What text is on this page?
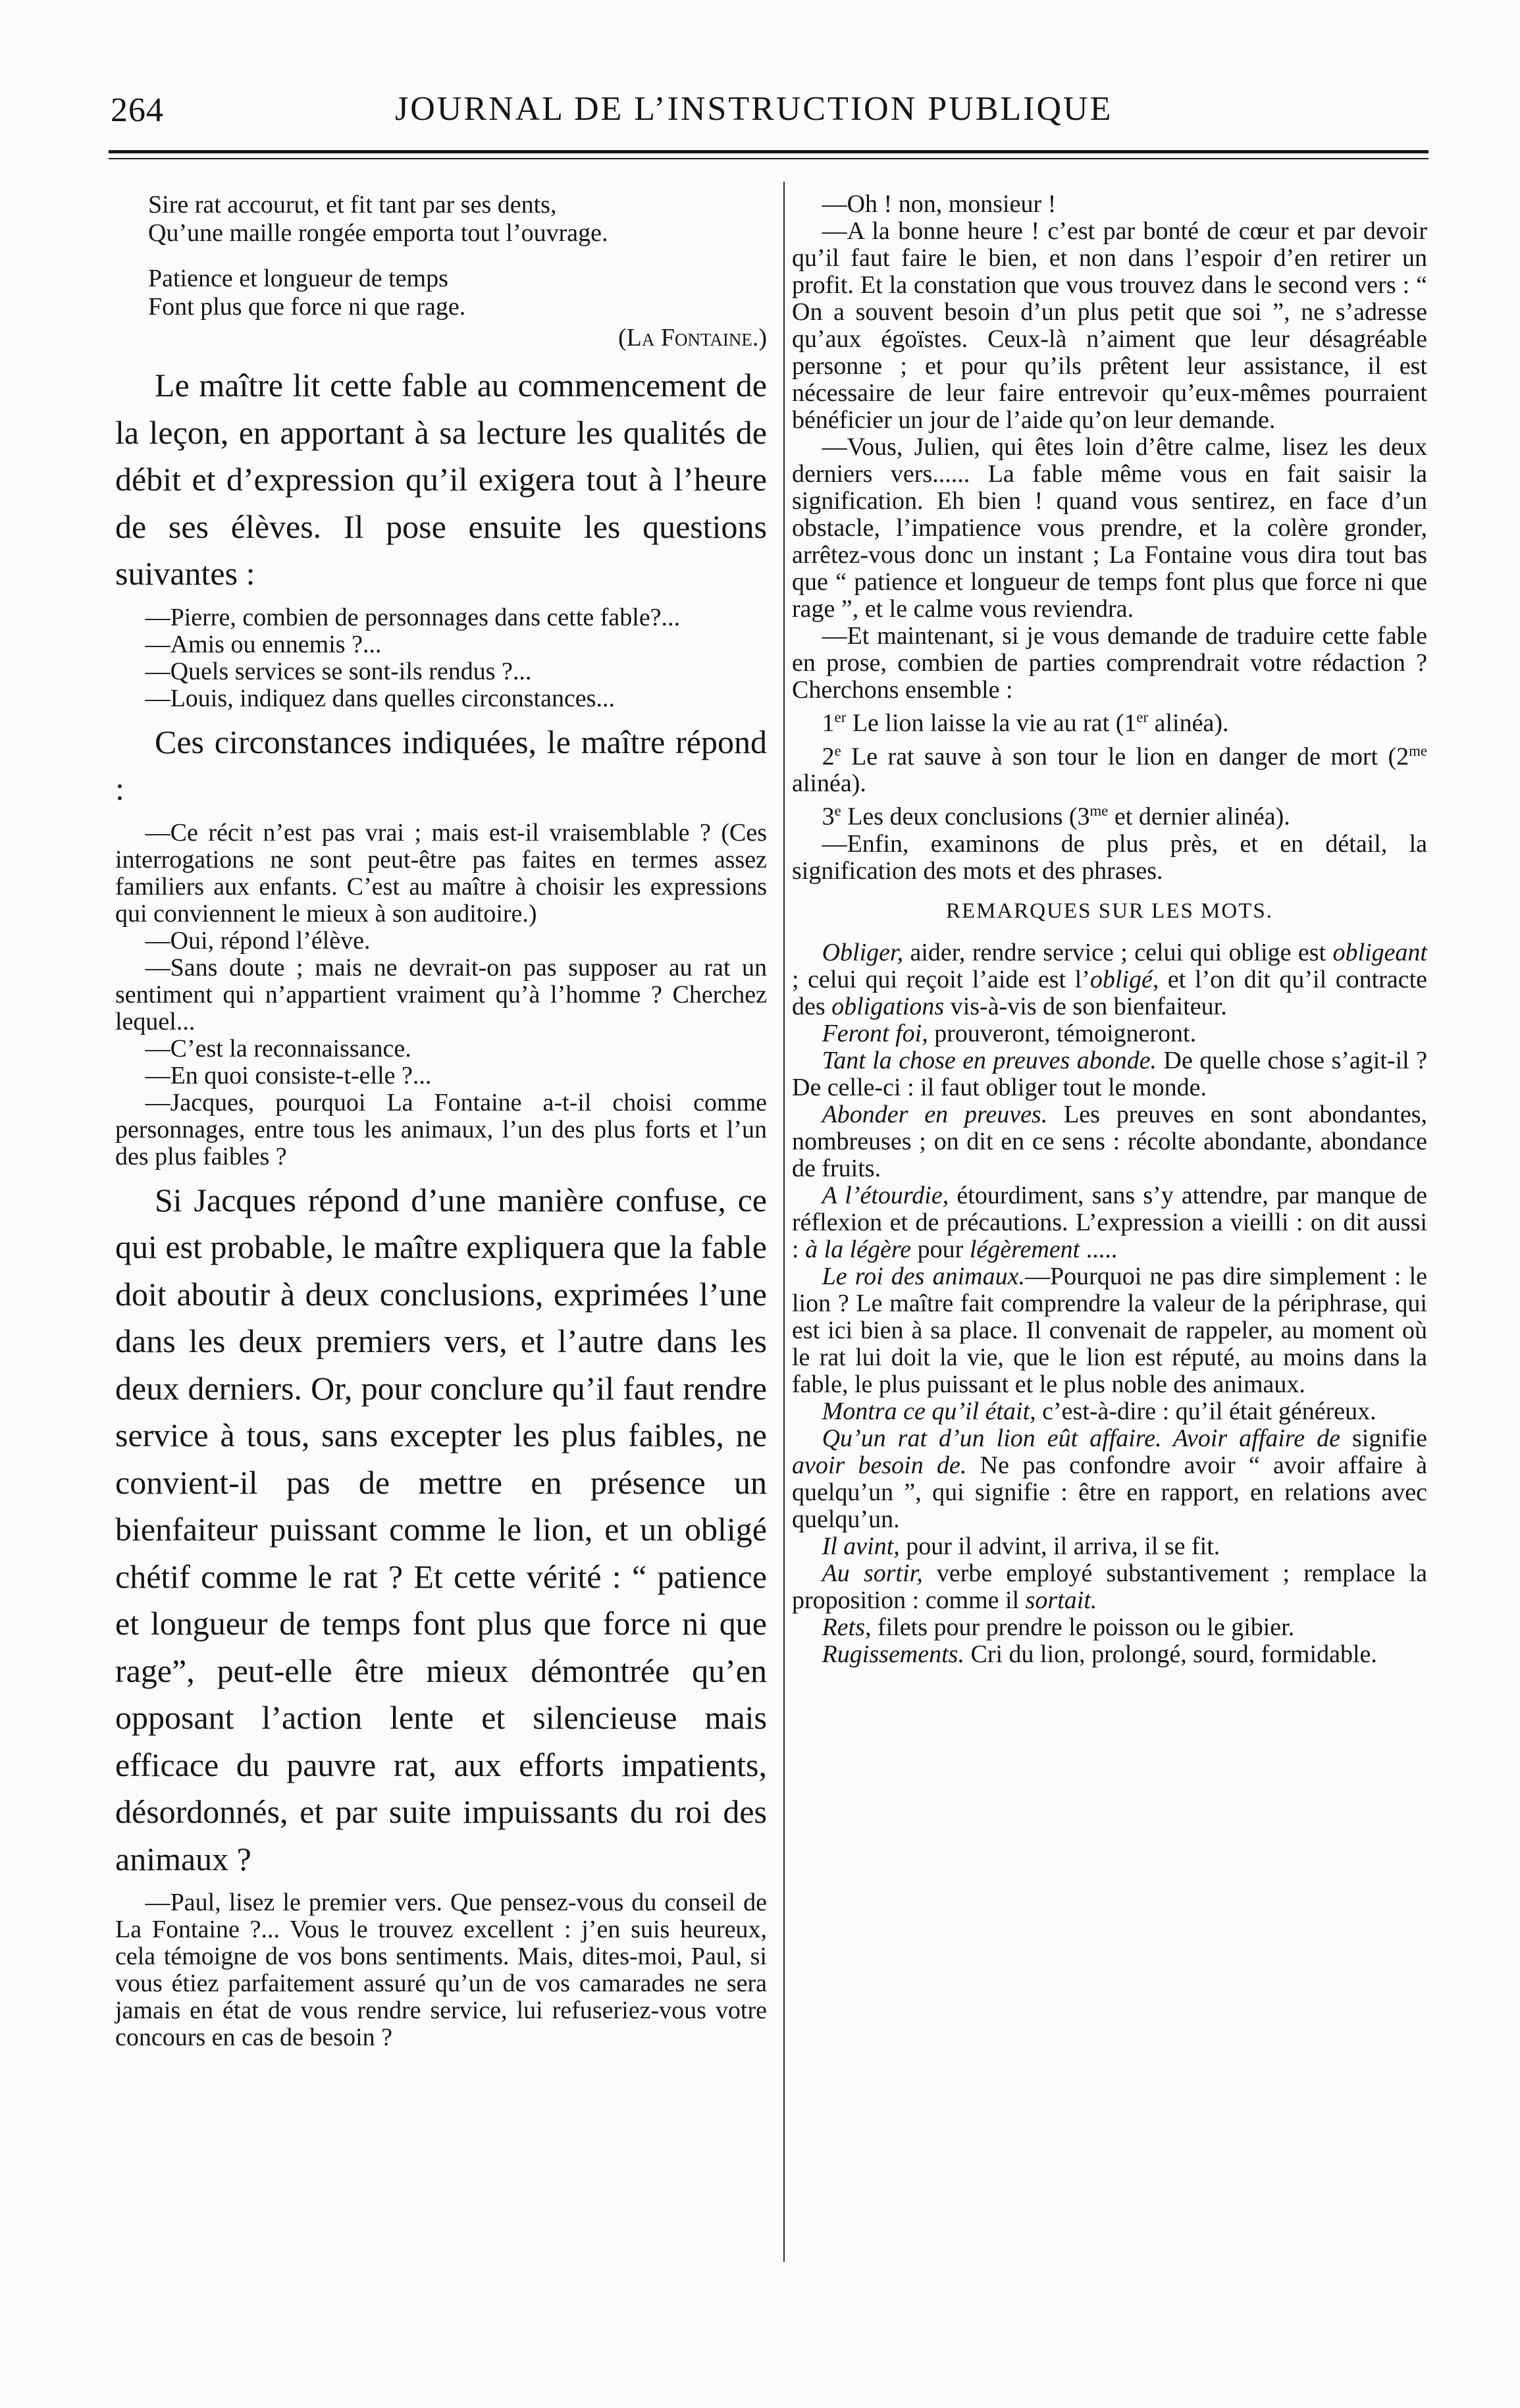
264	JOURNAL DE L’INSTRUCTION PUBLIQUE
Sire rat accourut, et fit tant par ses dents,
Qu’une maille rongée emporta tout l’ouvrage.
Patience et longueur de temps
Font plus que force ni que rage.
(La Fontaine.)

Le maître lit cette fable au commencement de la leçon, en apportant à sa lecture les qualités de débit et d’expression qu’il exigera tout à l’heure de ses élèves. Il pose ensuite les questions suivantes :

—Pierre, combien de personnages dans cette fable?...

—Amis ou ennemis ?...

—Quels services se sont-ils rendus ?...

—Louis, indiquez dans quelles circonstances...

Ces circonstances indiquées, le maître répond :

—Ce récit n’est pas vrai ; mais est-il vraisemblable ? (Ces interrogations ne sont peut-être pas faites en termes assez familiers aux enfants. C’est au maître à choisir les expressions qui conviennent le mieux à son auditoire.)

—Oui, répond l’élève.

—Sans doute ; mais ne devrait-on pas supposer au rat un sentiment qui n’appartient vraiment qu’à l’homme ? Cherchez lequel...

—C’est la reconnaissance.

—En quoi consiste-t-elle ?...

—Jacques, pourquoi La Fontaine a-t-il choisi comme personnages, entre tous les animaux, l’un des plus forts et l’un des plus faibles ?

Si Jacques répond d’une manière confuse, ce qui est probable, le maître expliquera que la fable doit aboutir à deux conclusions, exprimées l’une dans les deux premiers vers, et l’autre dans les deux derniers. Or, pour conclure qu’il faut rendre service à tous, sans excepter les plus faibles, ne convient-il pas de mettre en présence un bienfaiteur puissant comme le lion, et un obligé chétif comme le rat ? Et cette vérité : “ patience et longueur de temps font plus que force ni que rage”, peut-elle être mieux démontrée qu’en opposant l’action lente et silencieuse mais efficace du pauvre rat, aux efforts impatients, désordonnés, et par suite impuissants du roi des animaux ?

—Paul, lisez le premier vers. Que pensez-vous du conseil de La Fontaine ?... Vous le trouvez excellent : j’en suis heureux, cela témoigne de vos bons sentiments. Mais, dites-moi, Paul, si vous étiez parfaitement assuré qu’un de vos camarades ne sera jamais en état de vous rendre service, lui refuseriez-vous votre concours en cas de besoin ?

—Oh ! non, monsieur !

—A la bonne heure ! c’est par bonté de cœur et par devoir qu’il faut faire le bien, et non dans l’espoir d’en retirer un profit. Et la constation que vous trouvez dans le second vers : “ On a souvent besoin d’un plus petit que soi ”, ne s’adresse qu’aux égoïstes. Ceux-là n’aiment que leur désagréable personne ; et pour qu’ils prêtent leur assistance, il est nécessaire de leur faire entrevoir qu’eux-mêmes pourraient bénéficier un jour de l’aide qu’on leur demande.

—Vous, Julien, qui êtes loin d’être calme, lisez les deux derniers vers...... La fable même vous en fait saisir la signification. Eh bien ! quand vous sentirez, en face d’un obstacle, l’impatience vous prendre, et la colère gronder, arrêtez-vous donc un instant ; La Fontaine vous dira tout bas que “ patience et longueur de temps font plus que force ni que rage ”, et le calme vous reviendra.

—Et maintenant, si je vous demande de traduire cette fable en prose, combien de parties comprendrait votre rédaction ? Cherchons ensemble :

1er Le lion laisse la vie au rat (1er alinéa).

2e Le rat sauve à son tour le lion en danger de mort ($2^{me}$ alinéa).

3e Les deux conclusions ($3^{me}$ et dernier alinéa).

—Enfin, examinons de plus près, et en détail, la signification des mots et des phrases.

REMARQUES SUR LES MOTS.

Obliger, aider, rendre service ; celui qui oblige est obligeant ; celui qui reçoit l’aide est l’obligé, et l’on dit qu’il contracte des obligations vis-à-vis de son bienfaiteur.

Feront foi, prouveront, témoigneront.

Tant la chose en preuves abonde. De quelle chose s’agit-il ? De celle-ci : il faut obliger tout le monde.

Abonder en preuves. Les preuves en sont abondantes, nombreuses ; on dit en ce sens : récolte abondante, abondance de fruits.

A l’étourdie, étourdiment, sans s’y attendre, par manque de réflexion et de précautions. L’expression a vieilli : on dit aussi : à la légère pour légèrement .....

Le roi des animaux.—Pourquoi ne pas dire simplement : le lion ? Le maître fait comprendre la valeur de la périphrase, qui est ici bien à sa place. Il convenait de rappeler, au moment où le rat lui doit la vie, que le lion est réputé, au moins dans la fable, le plus puissant et le plus noble des animaux.

Montra ce qu’il était, c’est-à-dire : qu’il était généreux.

Qu’un rat d’un lion eût affaire. Avoir affaire de signifie avoir besoin de. Ne pas confondre avoir “ avoir affaire à quelqu’un ”, qui signifie : être en rapport, en relations avec quelqu’un.

Il avint, pour il advint, il arriva, il se fit.

Au sortir, verbe employé substantivement ; remplace la proposition : comme il sortait.

Rets, filets pour prendre le poisson ou le gibier.

Rugissements. Cri du lion, prolongé, sourd, formidable.
